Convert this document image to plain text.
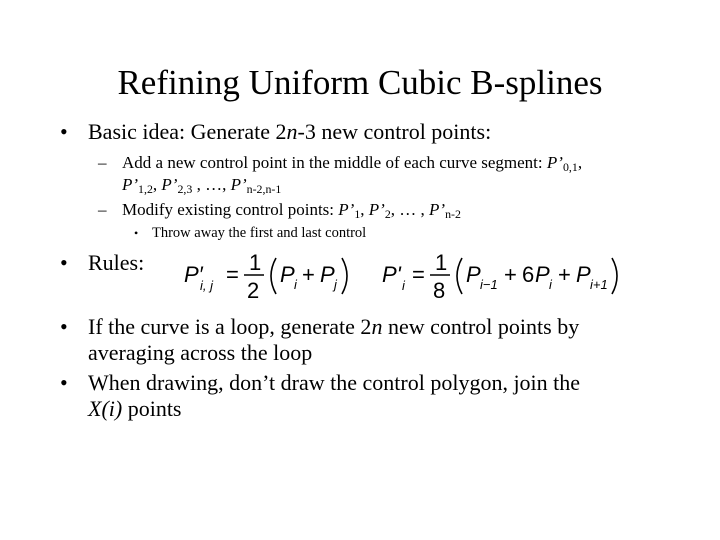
Refining Uniform Cubic B-splines
• Basic idea: Generate 2n-3 new control points:
– Add a new control point in the middle of each curve segment: $P’_{0,1}$,
$P’_{1,2}$, $P’_{2,3}$ , …, $P’_{n-2,n-1}$
– Modify existing control points: $P’_1$, $P’_2$, … , $P’_{n-2}$
• Throw away the first and last control
• Rules: P′
i, j = 1
2
P i + P j P' i = 1
8
P i−1 + 6 P i + P i+1
• If the curve is a loop, generate 2n new control points by
averaging across the loop
• When drawing, don’t draw the control polygon, join the
X(i) points
